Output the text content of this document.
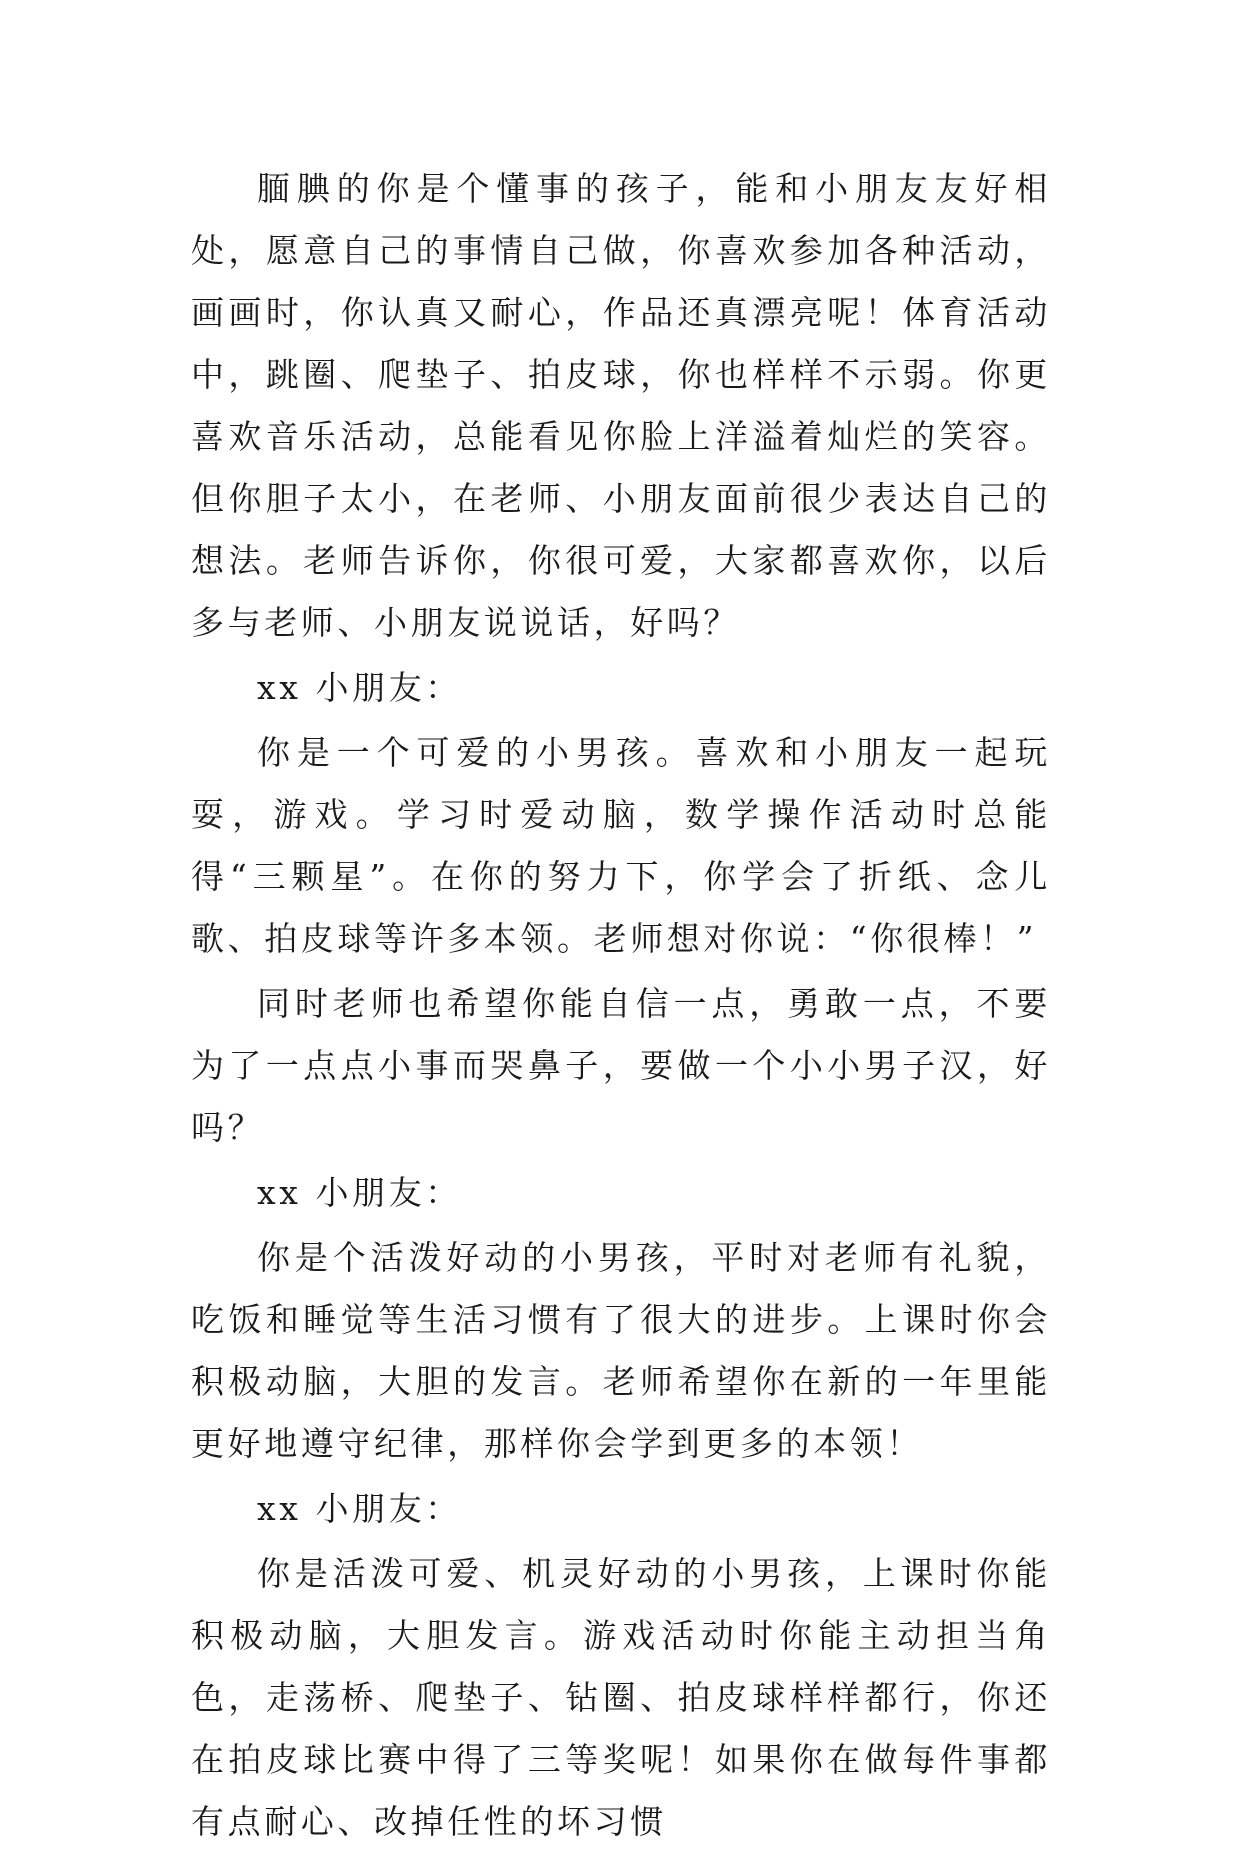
腼腆的你是个懂事的孩子，能和小朋友友好相处，愿意自己的事情自己做，你喜欢参加各种活动，画画时，你认真又耐心，作品还真漂亮呢！体育活动中，跳圈、爬垫子、拍皮球，你也样样不示弱。你更喜欢音乐活动，总能看见你脸上洋溢着灿烂的笑容。但你胆子太小，在老师、小朋友面前很少表达自己的想法。老师告诉你，你很可爱，大家都喜欢你，以后多与老师、小朋友说说话，好吗？

xx 小朋友：

你是一个可爱的小男孩。喜欢和小朋友一起玩耍，游戏。学习时爱动脑，数学操作活动时总能得“三颗星”。在你的努力下，你学会了折纸、念儿歌、拍皮球等许多本领。老师想对你说：“你很棒！”

同时老师也希望你能自信一点，勇敢一点，不要为了一点点小事而哭鼻子，要做一个小小男子汉，好吗？

xx 小朋友：

你是个活泼好动的小男孩，平时对老师有礼貌，吃饭和睡觉等生活习惯有了很大的进步。上课时你会积极动脑，大胆的发言。老师希望你在新的一年里能更好地遵守纪律，那样你会学到更多的本领！

xx 小朋友：

你是活泼可爱、机灵好动的小男孩，上课时你能积极动脑，大胆发言。游戏活动时你能主动担当角色，走荡桥、爬垫子、钻圈、拍皮球样样都行，你还在拍皮球比赛中得了三等奖呢！如果你在做每件事都有点耐心、改掉任性的坏习惯
